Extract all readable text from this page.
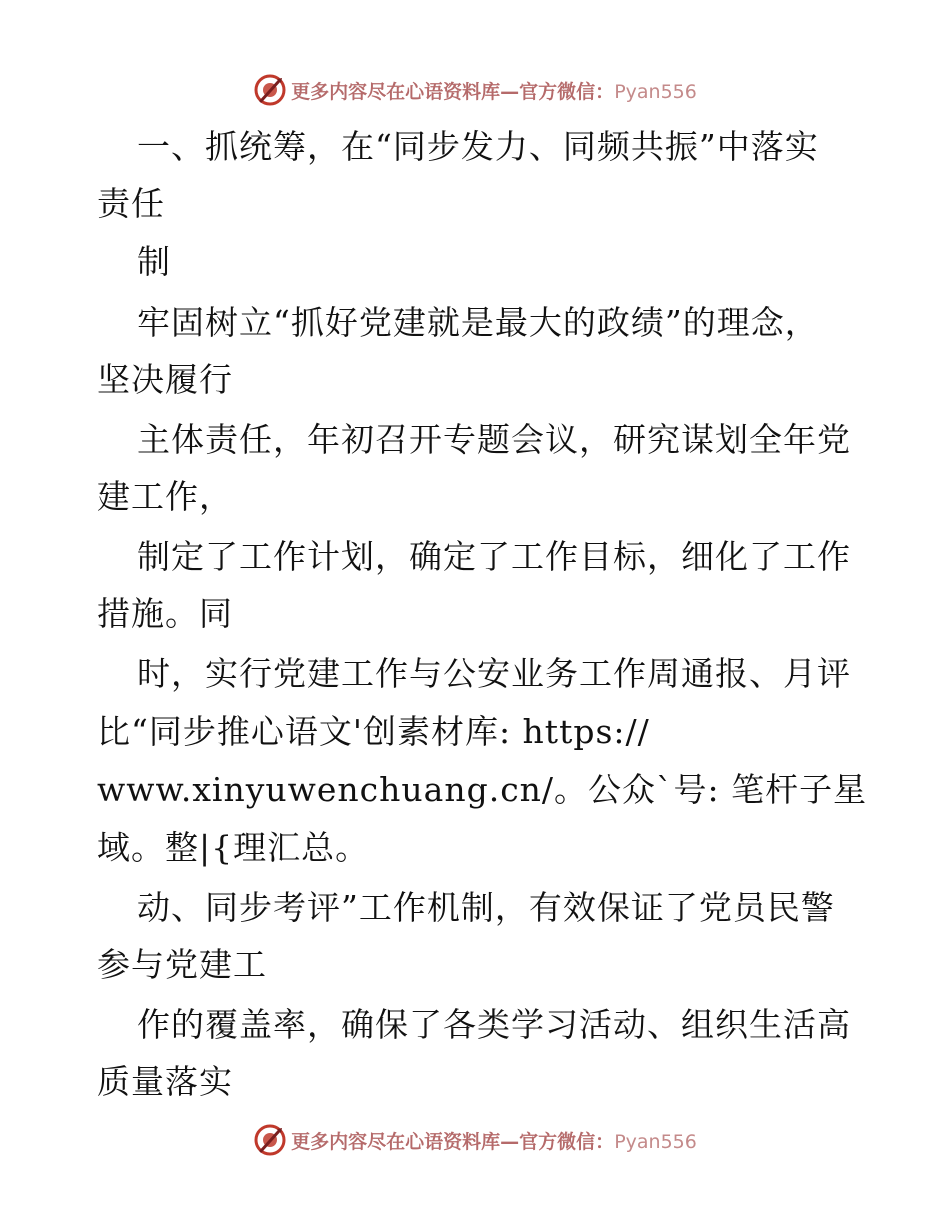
更多内容尽在心语资料库—官方微信：Pyan556
一、抓统筹，在“同步发力、同频共振”中落实
责任
制
牢固树立“抓好党建就是最大的政绩”的理念，
坚决履行
主体责任，年初召开专题会议，研究谋划全年党
建工作，
制定了工作计划，确定了工作目标，细化了工作
措施。同
时，实行党建工作与公安业务工作周通报、月评
比“同步推心语文'创素材库: https://
www.xinyuwenchuang.cn/。公众`号: 笔杆子星
域。整|{理汇总。
动、同步考评”工作机制，有效保证了党员民警
参与党建工
作的覆盖率，确保了各类学习活动、组织生活高
质量落实
更多内容尽在心语资料库—官方微信：Pyan556
